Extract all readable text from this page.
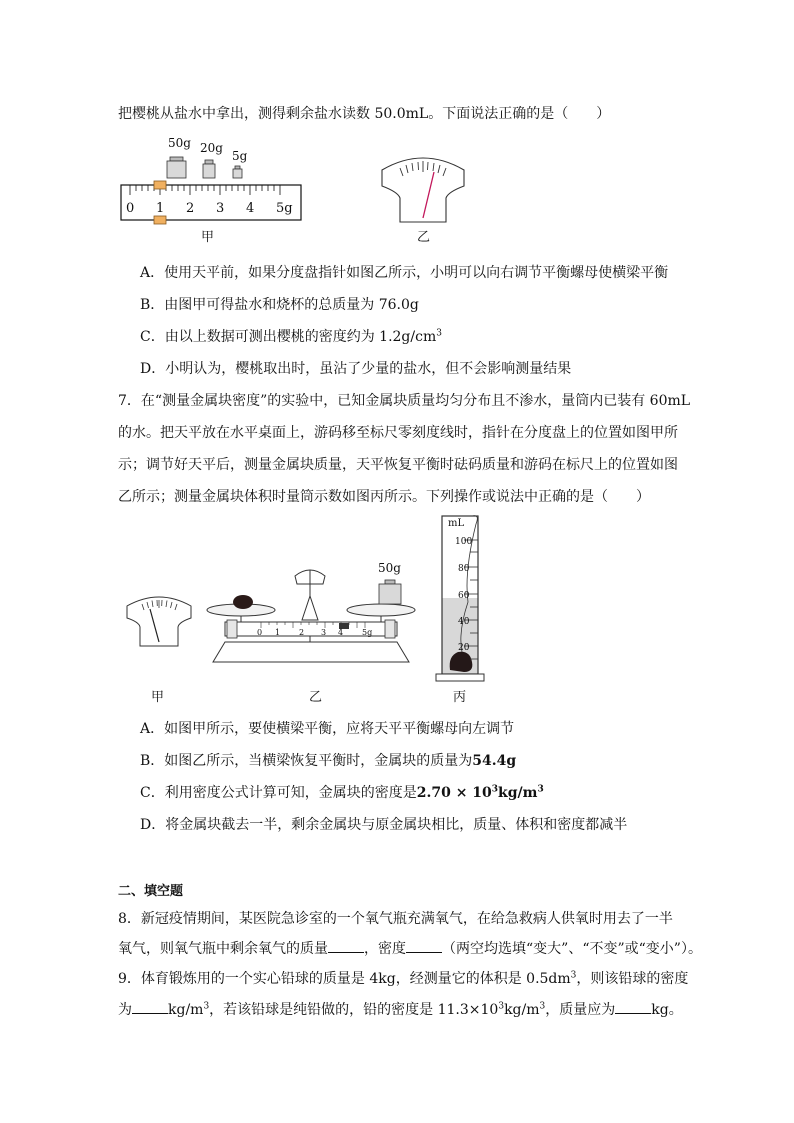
把樱桃从盐水中拿出，测得剩余盐水读数 50.0mL。下面说法正确的是（　　）
50g 20g
5g
0 1 2 3 4 5g
甲	乙
A．使用天平前，如果分度盘指针如图乙所示，小明可以向右调节平衡螺母使横梁平衡
B．由图甲可得盐水和烧杯的总质量为 76.0g
C．由以上数据可测出樱桃的密度约为 $1.2g/cm^3$
D．小明认为，樱桃取出时，虽沾了少量的盐水，但不会影响测量结果
7．在“测量金属块密度”的实验中，已知金属块质量均匀分布且不渗水，量筒内已装有 60mL
的水。把天平放在水平桌面上，游码移至标尺零刻度线时，指针在分度盘上的位置如图甲所
示；调节好天平后，测量金属块质量，天平恢复平衡时砝码质量和游码在标尺上的位置如图
乙所示；测量金属块体积时量筒示数如图丙所示。下列操作或说法中正确的是（　　）
甲
50g
0 1 2 3 4 5g
乙
mL
100
80
60
40
20
丙
A．如图甲所示，要使横梁平衡，应将天平平衡螺母向左调节
B．如图乙所示，当横梁恢复平衡时，金属块的质量为54.4g
C．利用密度公式计算可知，金属块的密度是$2.70 \times 10^3kg/m^3$
D．将金属块截去一半，剩余金属块与原金属块相比，质量、体积和密度都减半
二、填空题
8．新冠疫情期间，某医院急诊室的一个氧气瓶充满氧气，在给急救病人供氧时用去了一半
氧气，则氧气瓶中剩余氧气的质量	，密度	（两空均选填“变大”、“不变”或“变小”）。
9．体育锻炼用的一个实心铅球的质量是 4kg，经测量它的体积是 $0.5dm^3$，则该铅球的密度
为	$kg/m^3$，若该铅球是纯铅做的，铅的密度是 $11.3\times 10^3kg/m^3$，质量应为	kg。
